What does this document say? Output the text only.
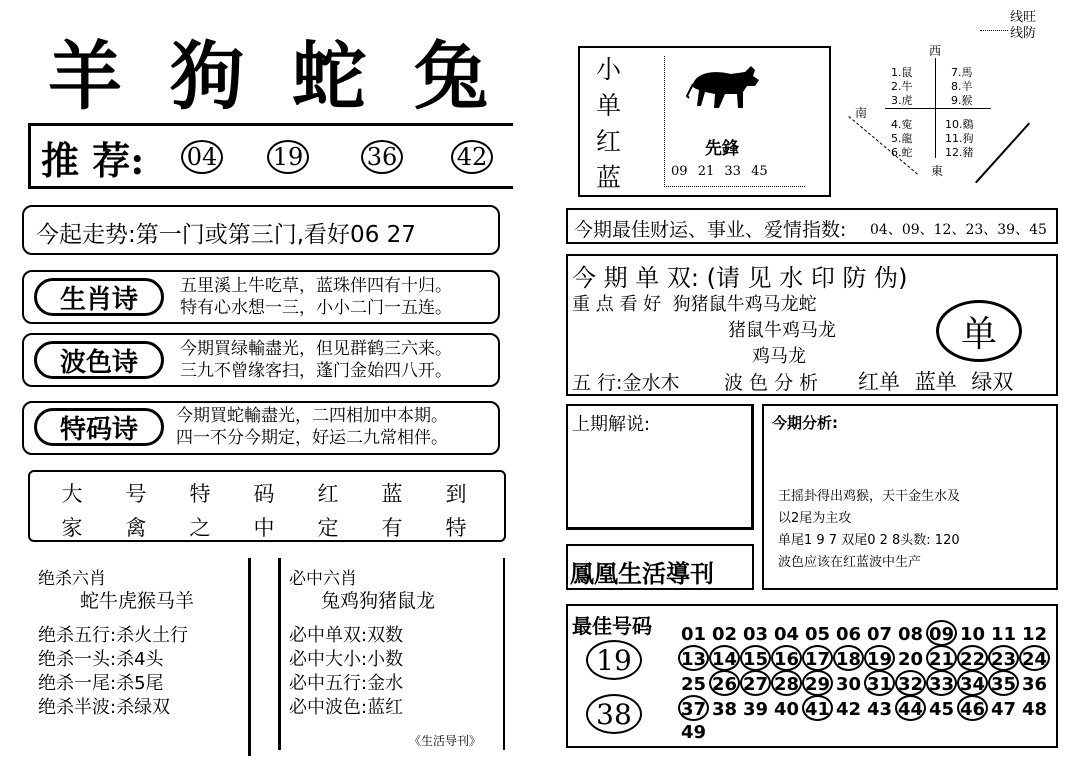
羊 狗 蛇 兔
推 荐: 04 19	36 42
今起走势:第一门或第三门,看好06 27
生肖诗	五里溪上牛吃草，蓝珠伴四有十归。
特有心水想一三，小小二门一五连。
波色诗	今期買绿輸盡光，但见群鹤三六来。
三九不曾缘客扫，蓬门金始四八开。
特码诗	今期買蛇輸盡光，二四相加中本期。
四一不分今期定，好运二九常相伴。
大 号 特 码 红 蓝 到
家 禽 之 中 定 有 特
绝杀六肖
蛇牛虎猴马羊
绝杀五行:杀火土行
绝杀一头:杀4头
绝杀一尾:杀5尾
绝杀半波:杀绿双
必中六肖
兔鸡狗猪鼠龙
必中单双:双数
必中大小:小数
必中五行:金水
必中波色:蓝红
《生活导刊》
小
单
红
蓝
先鋒
09 21 33 45
线旺
线防
西
南
東
1.鼠
2.牛
3.虎
4.寃
5.龍
6.蛇
7.馬
8.羊
9.猴
10.鷄
11.狗
12.豬
今期最佳财运、事业、爱情指数: 04、09、12、23、39、45
今 期 单 双: (请 见 水 印 防 伪)
重 点 看 好 狗猪鼠牛鸡马龙蛇
猪鼠牛鸡马龙
鸡马龙
单
五 行:金水木 波 色 分 析 红单 蓝单 绿双
上期解说:	今期分析:
王摇卦得出鸡猴，天干金生水及
以2尾为主攻
单尾1 9 7 双尾0 2 8头数: 120
波色应该在红蓝波中生产
鳳凰生活導刊
最佳号码
19
38
01 02 03 04 05 06 07 08 09 10 11 12
13 14 15 16 17 18 19 20 21 22 23 24
25 26 27 28 29 30 31 32 33 34 35 36
37 38 39 40 41 42 43 44 45 46 47 48
49
